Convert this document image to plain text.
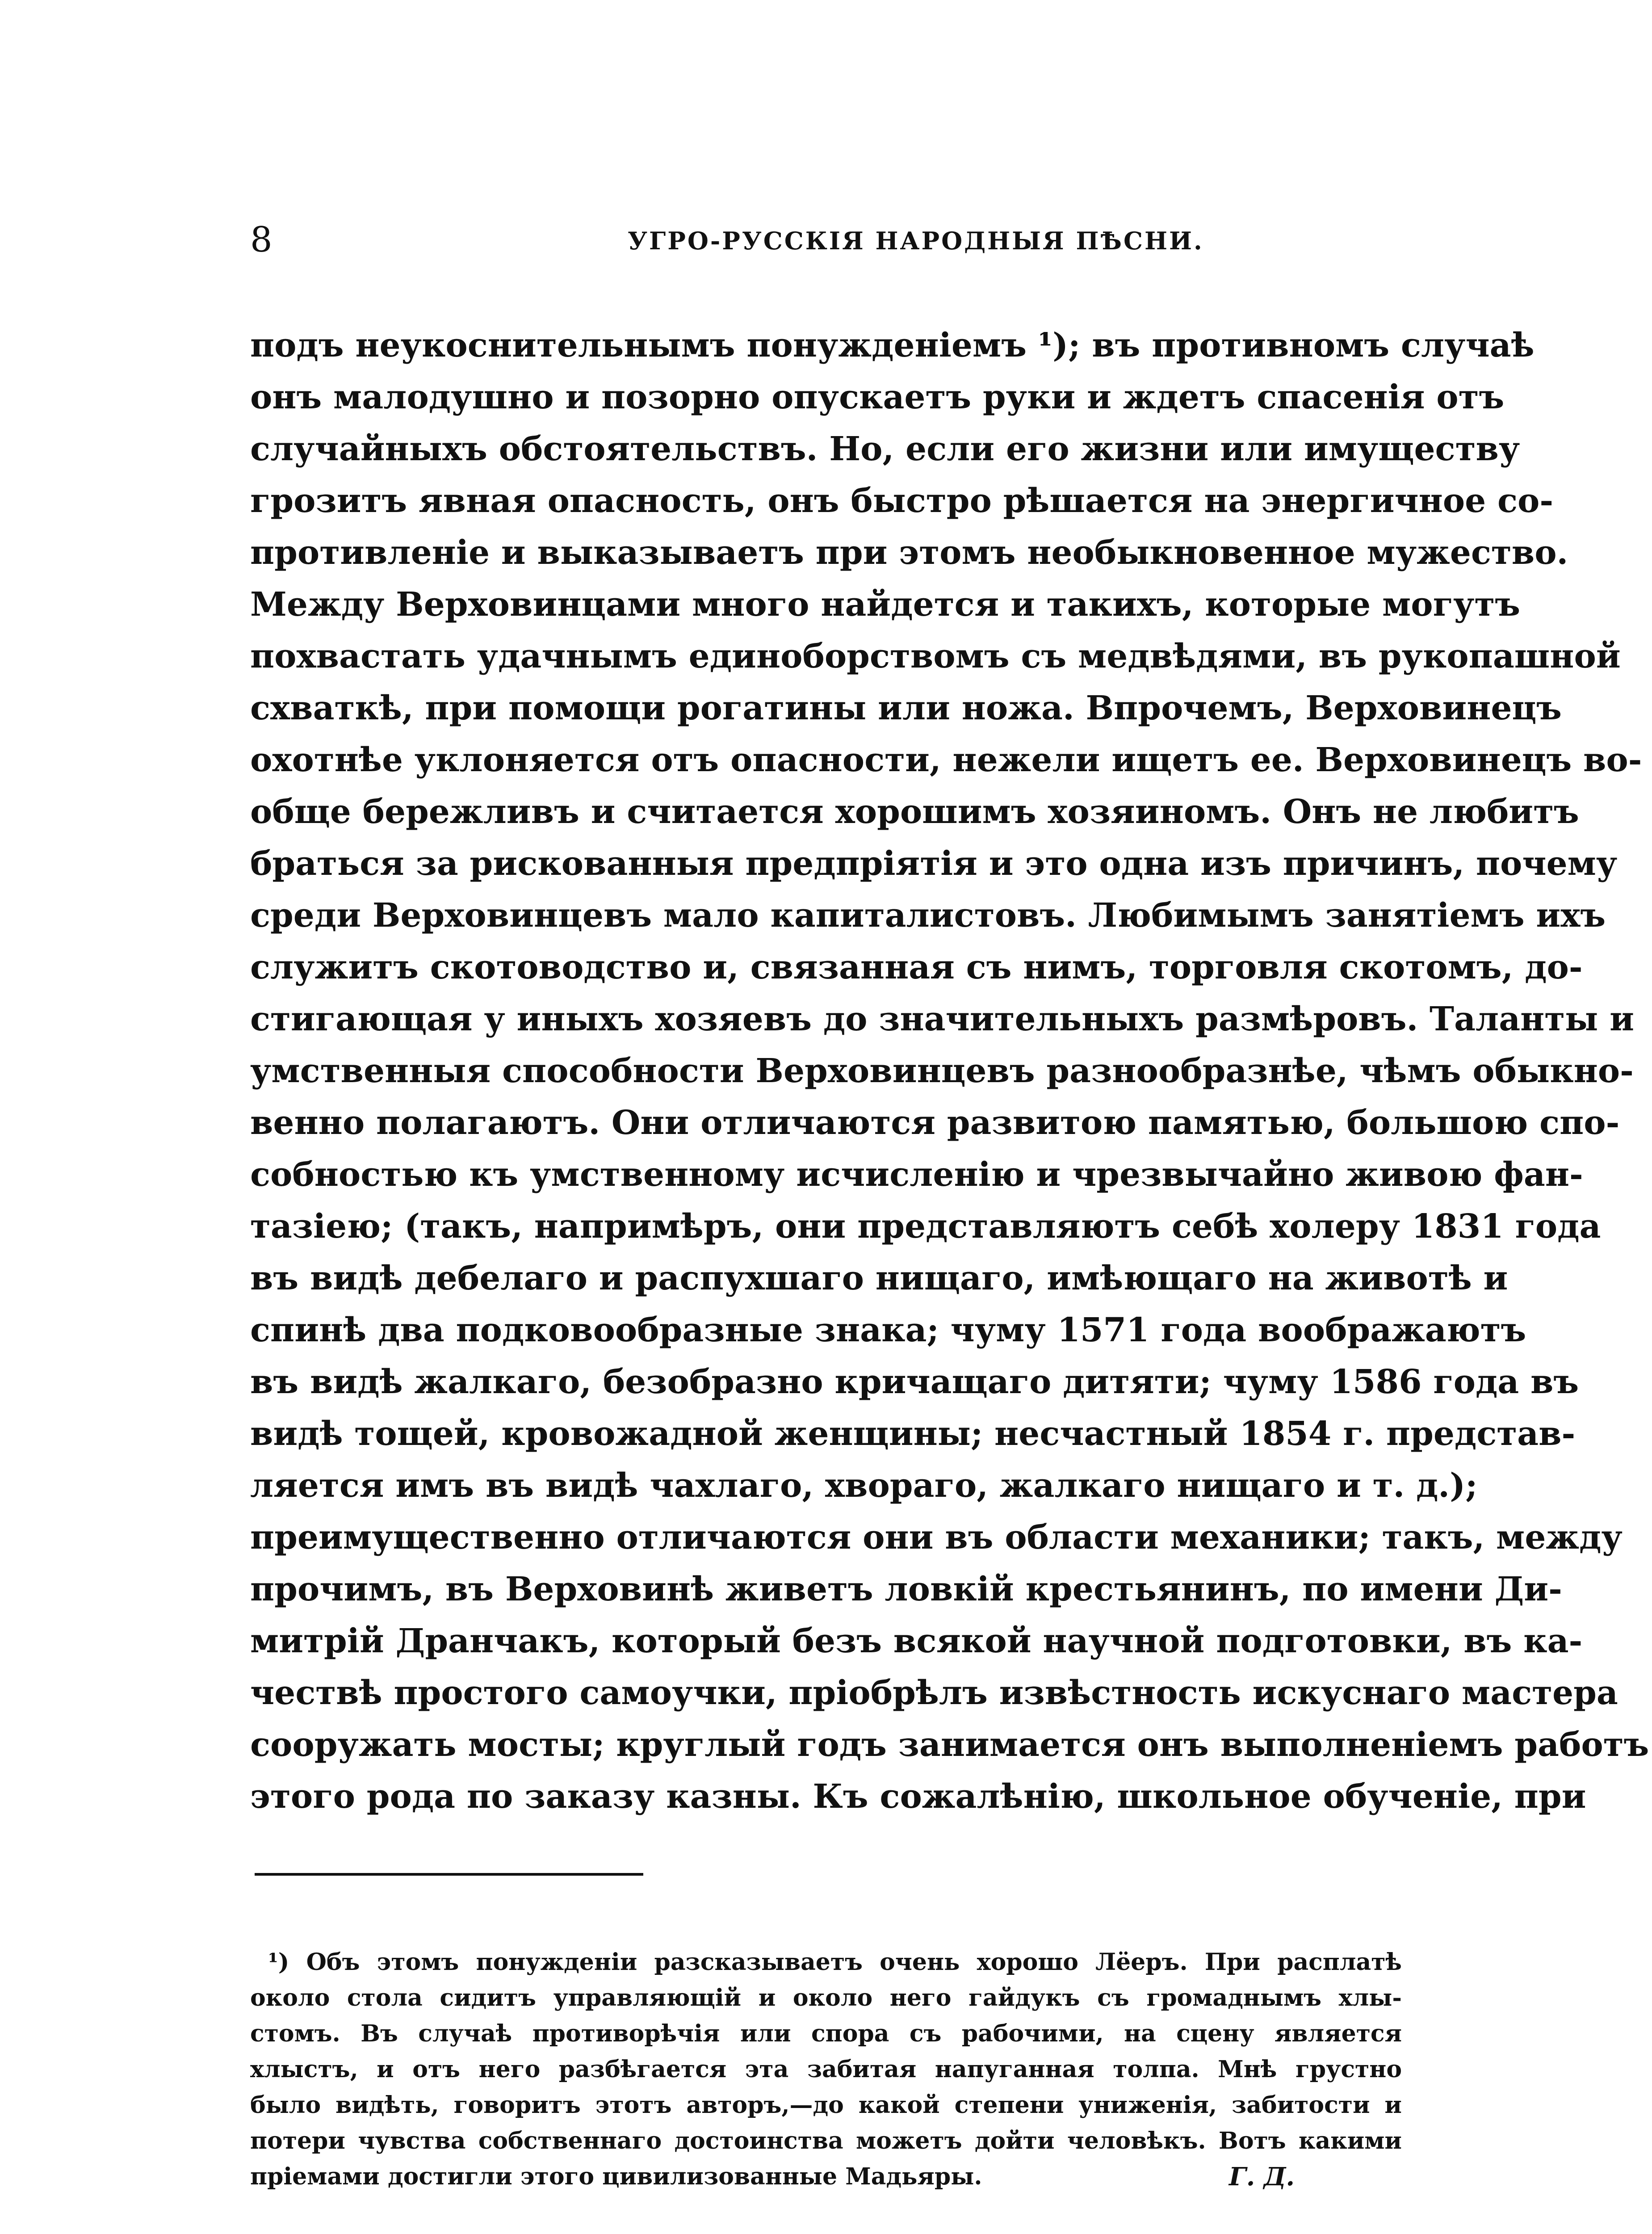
8	УГРО-РУССКІЯ НАРОДНЫЯ ПѢСНИ.
подъ неукоснительнымъ понужденіемъ ¹); въ противномъ случаѣ
онъ малодушно и позорно опускаетъ руки и ждетъ спасенія отъ
случайныхъ обстоятельствъ. Но, если его жизни или имуществу
грозитъ явная опасность, онъ быстро рѣшается на энергичное со-
противленіе и выказываетъ при этомъ необыкновенное мужество.
Между Верховинцами много найдется и такихъ, которые могутъ
похвастать удачнымъ единоборствомъ съ медвѣдями, въ рукопашной
схваткѣ, при помощи рогатины или ножа. Впрочемъ, Верховинецъ
охотнѣе уклоняется отъ опасности, нежели ищетъ ее. Верховинецъ во-
обще бережливъ и считается хорошимъ хозяиномъ. Онъ не любитъ
браться за рискованныя предпріятія и это одна изъ причинъ, почему
среди Верховинцевъ мало капиталистовъ. Любимымъ занятіемъ ихъ
служитъ скотоводство и, связанная съ нимъ, торговля скотомъ, до-
стигающая у иныхъ хозяевъ до значительныхъ размѣровъ. Таланты и
умственныя способности Верховинцевъ разнообразнѣе, чѣмъ обыкно-
венно полагаютъ. Они отличаются развитою памятью, большою спо-
собностью къ умственному исчисленію и чрезвычайно живою фан-
тазіею; (такъ, напримѣръ, они представляютъ себѣ холеру 1831 года
въ видѣ дебелаго и распухшаго нищаго, имѣющаго на животѣ и
спинѣ два подковообразные знака; чуму 1571 года воображаютъ
въ видѣ жалкаго, безобразно кричащаго дитяти; чуму 1586 года въ
видѣ тощей, кровожадной женщины; несчастный 1854 г. представ-
ляется имъ въ видѣ чахлаго, хвораго, жалкаго нищаго и т. д.);
преимущественно отличаются они въ области механики; такъ, между
прочимъ, въ Верховинѣ живетъ ловкій крестьянинъ, по имени Ди-
митрій Дранчакъ, который безъ всякой научной подготовки, въ ка-
чествѣ простого самоучки, пріобрѣлъ извѣстность искуснаго мастера
сооружать мосты; круглый годъ занимается онъ выполненіемъ работъ
этого рода по заказу казны. Къ сожалѣнію, школьное обученіе, при
¹) Объ этомъ понужденіи разсказываетъ очень хорошо Лёеръ. При расплатѣ
около стола сидитъ управляющій и около него гайдукъ съ громаднымъ хлы-
стомъ. Въ случаѣ противорѣчія или спора съ рабочими, на сцену является
хлыстъ, и отъ него разбѣгается эта забитая напуганная толпа. Мнѣ грустно
было видѣть, говоритъ этотъ авторъ,—до какой степени униженія, забитости и
потери чувства собственнаго достоинства можетъ дойти человѣкъ. Вотъ какими
пріемами достигли этого цивилизованные Мадьяры.	Г. Д.
